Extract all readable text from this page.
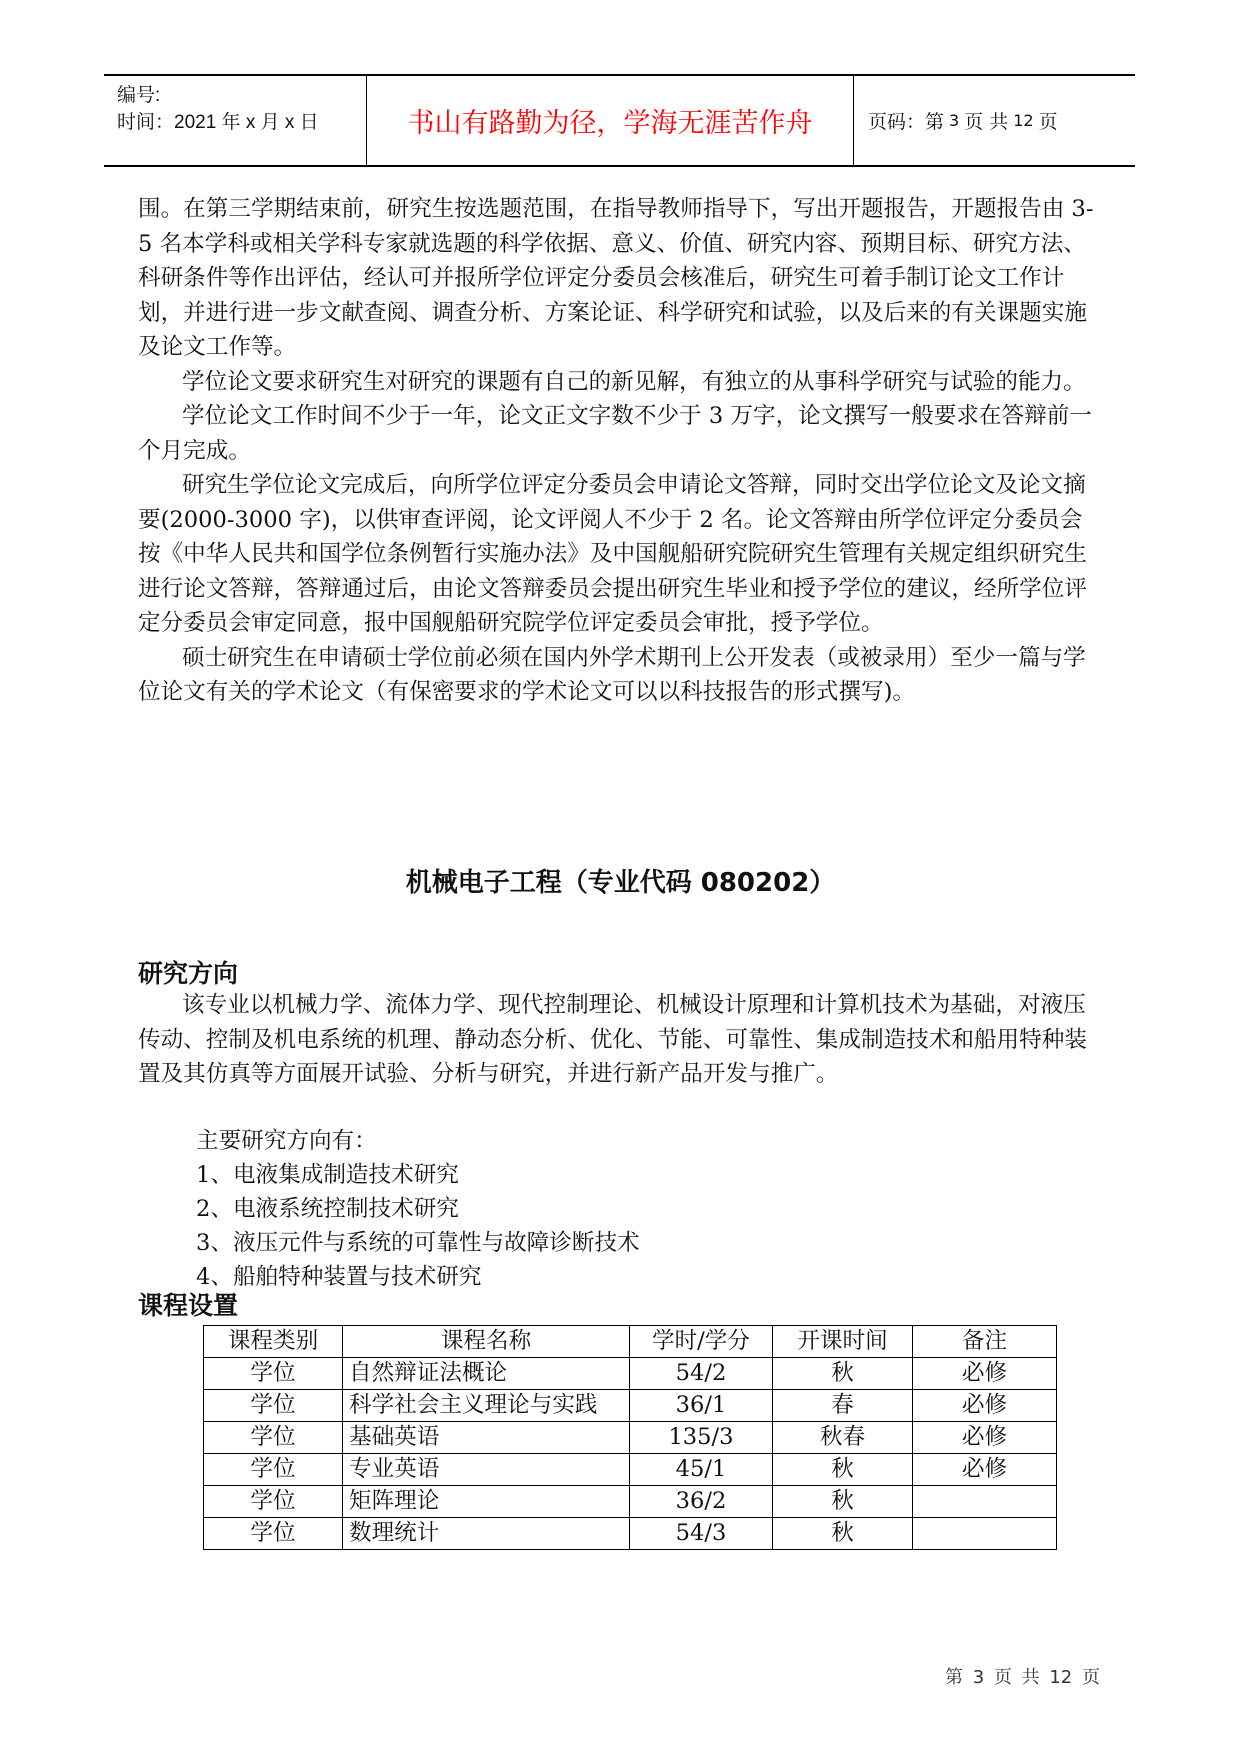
编号:
时间：2021 年 x 月 x 日	书山有路勤为径，学海无涯苦作舟	页码：第 3 页 共 12 页

围。在第三学期结束前，研究生按选题范围，在指导教师指导下，写出开题报告，开题报告由 3-5 名本学科或相关学科专家就选题的科学依据、意义、价值、研究内容、预期目标、研究方法、科研条件等作出评估，经认可并报所学位评定分委员会核准后，研究生可着手制订论文工作计划，并进行进一步文献查阅、调查分析、方案论证、科学研究和试验，以及后来的有关课题实施及论文工作等。

学位论文要求研究生对研究的课题有自己的新见解，有独立的从事科学研究与试验的能力。

学位论文工作时间不少于一年，论文正文字数不少于 3 万字，论文撰写一般要求在答辩前一个月完成。

研究生学位论文完成后，向所学位评定分委员会申请论文答辩，同时交出学位论文及论文摘要(2000-3000 字)，以供审查评阅，论文评阅人不少于 2 名。论文答辩由所学位评定分委员会按《中华人民共和国学位条例暂行实施办法》及中国舰船研究院研究生管理有关规定组织研究生进行论文答辩，答辩通过后，由论文答辩委员会提出研究生毕业和授予学位的建议，经所学位评定分委员会审定同意，报中国舰船研究院学位评定委员会审批，授予学位。

硕士研究生在申请硕士学位前必须在国内外学术期刊上公开发表（或被录用）至少一篇与学位论文有关的学术论文（有保密要求的学术论文可以以科技报告的形式撰写)。

机械电子工程（专业代码 080202）
研究方向

该专业以机械力学、流体力学、现代控制理论、机械设计原理和计算机技术为基础，对液压传动、控制及机电系统的机理、静动态分析、优化、节能、可靠性、集成制造技术和船用特种装置及其仿真等方面展开试验、分析与研究，并进行新产品开发与推广。

主要研究方向有：
1、电液集成制造技术研究
2、电液系统控制技术研究
3、液压元件与系统的可靠性与故障诊断技术
4、船舶特种装置与技术研究
课程设置
课程类别	课程名称	学时/学分	开课时间	备注
学位	自然辩证法概论	54/2	秋	必修
学位	科学社会主义理论与实践	36/1	春	必修
学位	基础英语	135/3	秋春	必修
学位	专业英语	45/1	秋	必修
学位	矩阵理论	36/2	秋	
学位	数理统计	54/3	秋	
第 3 页 共 12 页
